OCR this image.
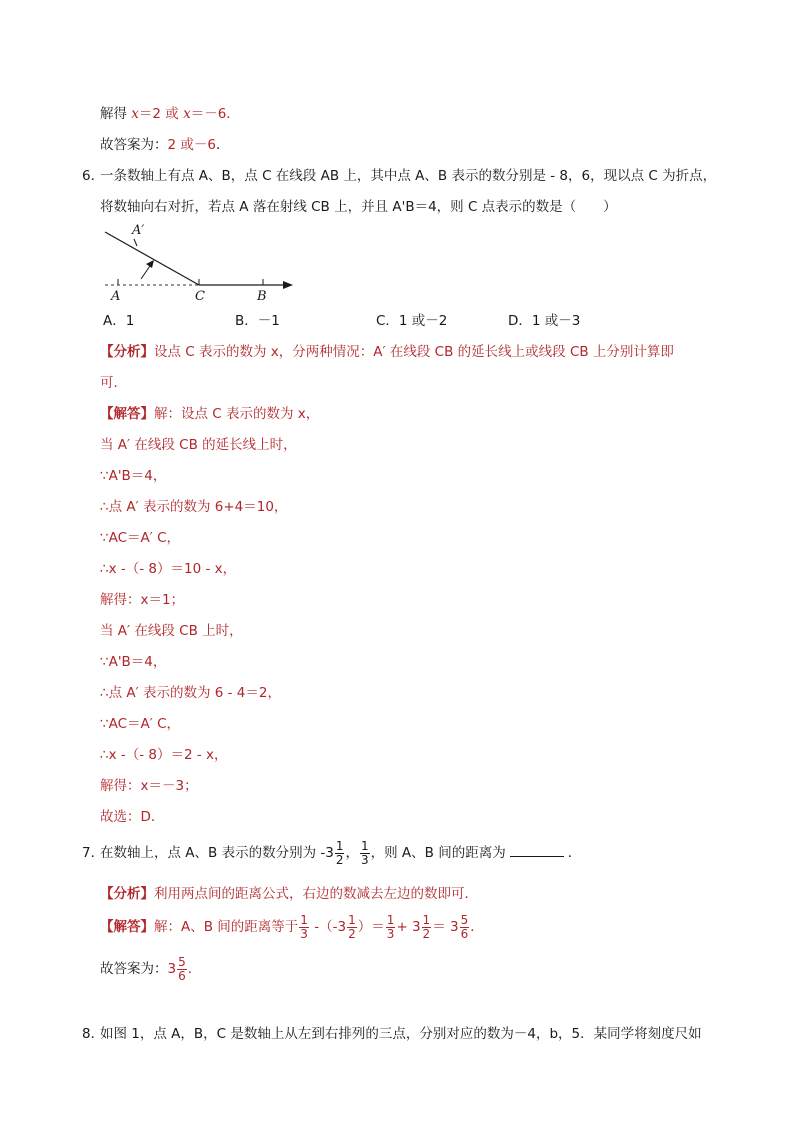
解得 x＝2 或 x＝－6．
故答案为：2 或－6．
6．
一条数轴上有点 A、B，点 C 在线段 AB 上，其中点 A、B 表示的数分别是 - 8，6，现以点 C 为折点，
将数轴向右对折，若点 A 落在射线 CB 上，并且 A'B＝4，则 C 点表示的数是（　　）
A′
A	C	B
A．1	B．－1	C．1 或－2	D．1 或－3
【分析】设点 C 表示的数为 x，分两种情况：A′ 在线段 CB 的延长线上或线段 CB 上分别计算即
可．
【解答】解：设点 C 表示的数为 x，
当 A′ 在线段 CB 的延长线上时，
∵A'B＝4，
∴点 A′ 表示的数为 6+4＝10，
∵AC＝A′ C，
∴x -（- 8）＝10 - x，
解得：x＝1；
当 A′ 在线段 CB 上时，
∵A'B＝4，
∴点 A′ 表示的数为 6 - 4＝2，
∵AC＝A′ C，
∴x -（- 8）＝2 - x，
解得：x＝－3；
故选：D．
7．
在数轴上，点 A、B 表示的数分别为 $-3 \frac{1}{2}$ ， $\frac{1}{3}$ ，则 A、B 间的距离为	．
【分析】利用两点间的距离公式，右边的数减去左边的数即可．
【解答】解：A、B 间的距离等于 $\frac{1}{3} -(-3 \frac{1}{2}$ ）＝ $\frac{1}{3} + 3 \frac{1}{2} = 3 \frac{5}{6}$ ．
故答案为：$3 \frac{5}{6}$ ．
8．
如图 1，点 A，B，C 是数轴上从左到右排列的三点，分别对应的数为－4，b，5．某同学将刻度尺如
